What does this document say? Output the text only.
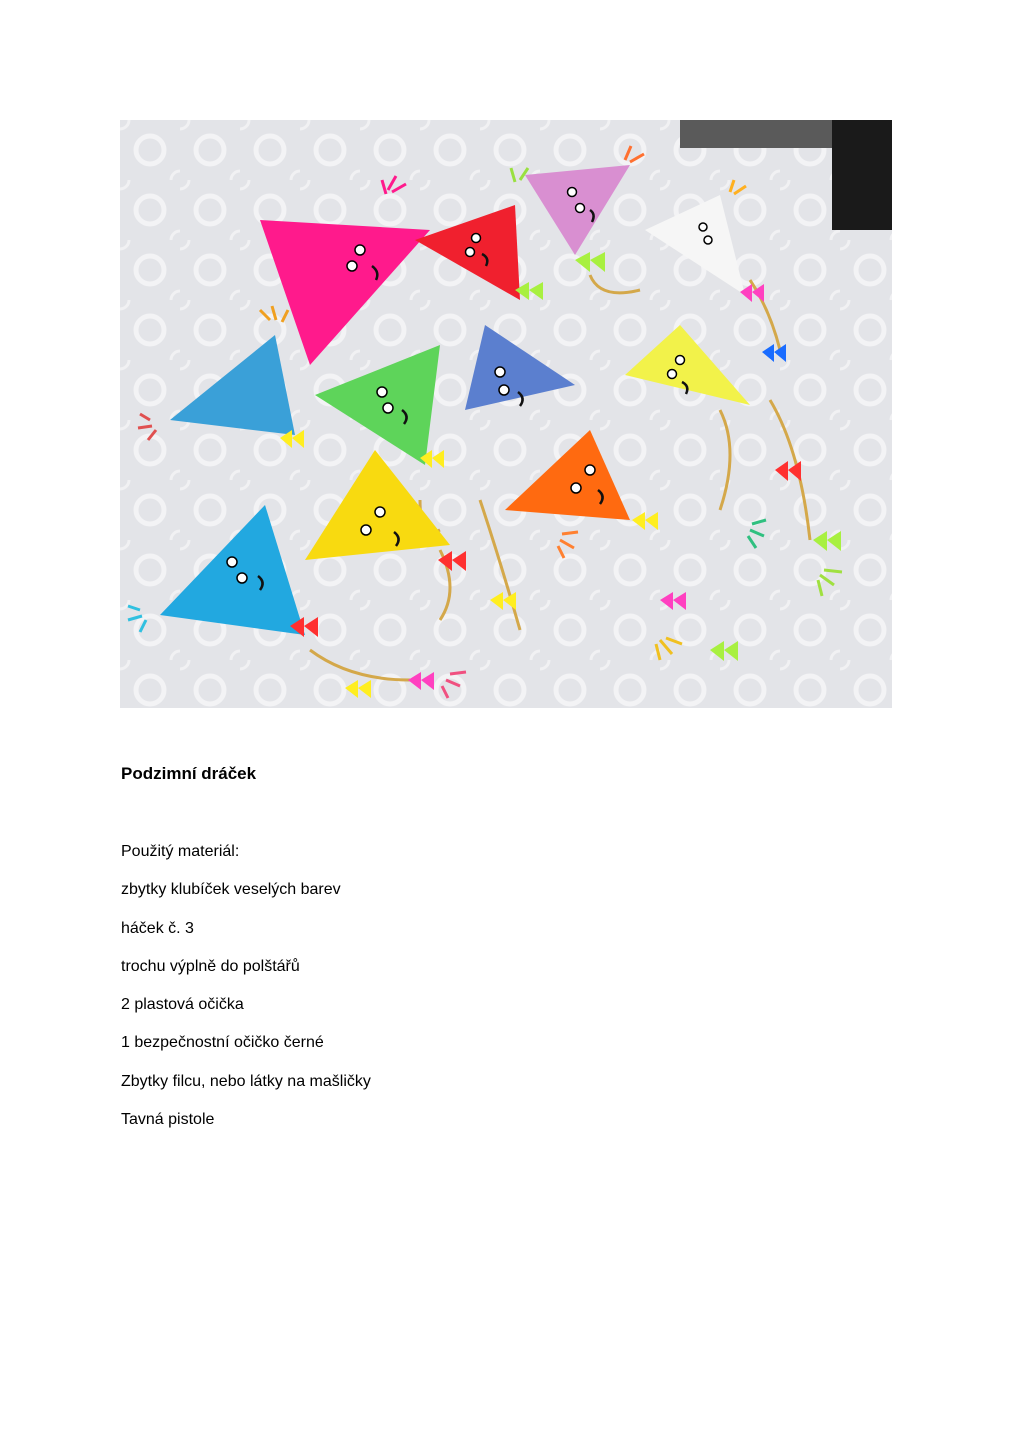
Podzimní dráček
Použitý materiál:
zbytky klubíček veselých barev
háček č. 3
trochu výplně do polštářů
2 plastová očička
1 bezpečnostní očičko černé
Zbytky filcu, nebo látky na mašličky
Tavná pistole
